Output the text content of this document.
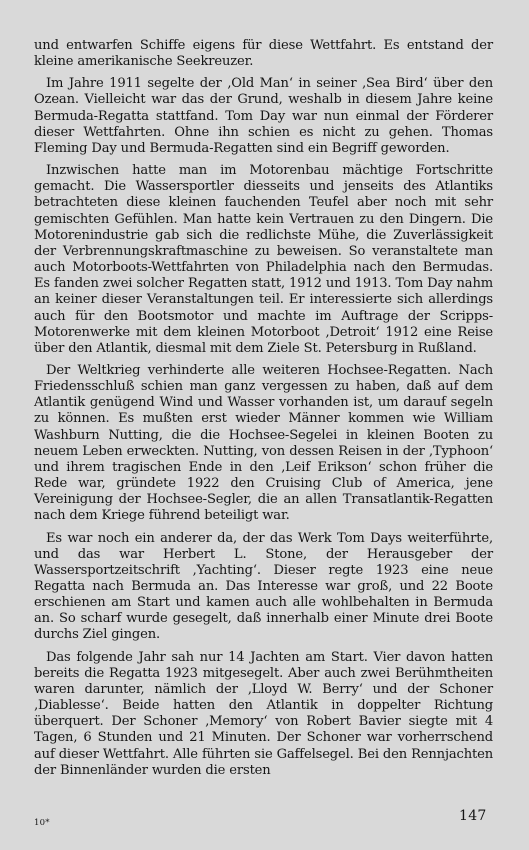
und entwarfen Schiffe eigens für diese Wettfahrt. Es entstand der kleine amerikanische Seekreuzer.

Im Jahre 1911 segelte der ‚Old Man‘ in seiner ‚Sea Bird‘ über den Ozean. Vielleicht war das der Grund, weshalb in diesem Jahre keine Bermuda-Regatta stattfand. Tom Day war nun einmal der Förderer dieser Wettfahrten. Ohne ihn schien es nicht zu gehen. Thomas Fleming Day und Bermuda-Regatten sind ein Begriff geworden.

Inzwischen hatte man im Motorenbau mächtige Fortschritte gemacht. Die Wassersportler diesseits und jenseits des Atlantiks betrachteten diese kleinen fauchenden Teufel aber noch mit sehr gemischten Gefühlen. Man hatte kein Vertrauen zu den Dingern. Die Motorenindustrie gab sich die redlichste Mühe, die Zuverlässigkeit der Verbrennungskraftmaschine zu beweisen. So veranstaltete man auch Motorboots-Wettfahrten von Philadelphia nach den Bermudas. Es fanden zwei solcher Regatten statt, 1912 und 1913. Tom Day nahm an keiner dieser Veranstaltungen teil. Er interessierte sich allerdings auch für den Bootsmotor und machte im Auftrage der Scripps-Motorenwerke mit dem kleinen Motorboot ‚Detroit‘ 1912 eine Reise über den Atlantik, diesmal mit dem Ziele St. Petersburg in Rußland.

Der Weltkrieg verhinderte alle weiteren Hochsee-Regatten. Nach Friedensschluß schien man ganz vergessen zu haben, daß auf dem Atlantik genügend Wind und Wasser vorhanden ist, um darauf segeln zu können. Es mußten erst wieder Männer kommen wie William Washburn Nutting, die die Hochsee-Segelei in kleinen Booten zu neuem Leben erweckten. Nutting, von dessen Reisen in der ‚Typhoon‘ und ihrem tragischen Ende in den ‚Leif Erikson‘ schon früher die Rede war, gründete 1922 den Cruising Club of America, jene Vereinigung der Hochsee-Segler, die an allen Transatlantik-Regatten nach dem Kriege führend beteiligt war.

Es war noch ein anderer da, der das Werk Tom Days weiterführte, und das war Herbert L. Stone, der Herausgeber der Wassersportzeitschrift ‚Yachting‘. Dieser regte 1923 eine neue Regatta nach Bermuda an. Das Interesse war groß, und 22 Boote erschienen am Start und kamen auch alle wohlbehalten in Bermuda an. So scharf wurde gesegelt, daß innerhalb einer Minute drei Boote durchs Ziel gingen.

Das folgende Jahr sah nur 14 Jachten am Start. Vier davon hatten bereits die Regatta 1923 mitgesegelt. Aber auch zwei Berühmtheiten waren darunter, nämlich der ‚Lloyd W. Berry‘ und der Schoner ‚Diablesse‘. Beide hatten den Atlantik in doppelter Richtung überquert. Der Schoner ‚Memory‘ von Robert Bavier siegte mit 4 Tagen, 6 Stunden und 21 Minuten. Der Schoner war vorherrschend auf dieser Wettfahrt. Alle führten sie Gaffelsegel. Bei den Rennjachten der Binnenländer wurden die ersten

10*	147
